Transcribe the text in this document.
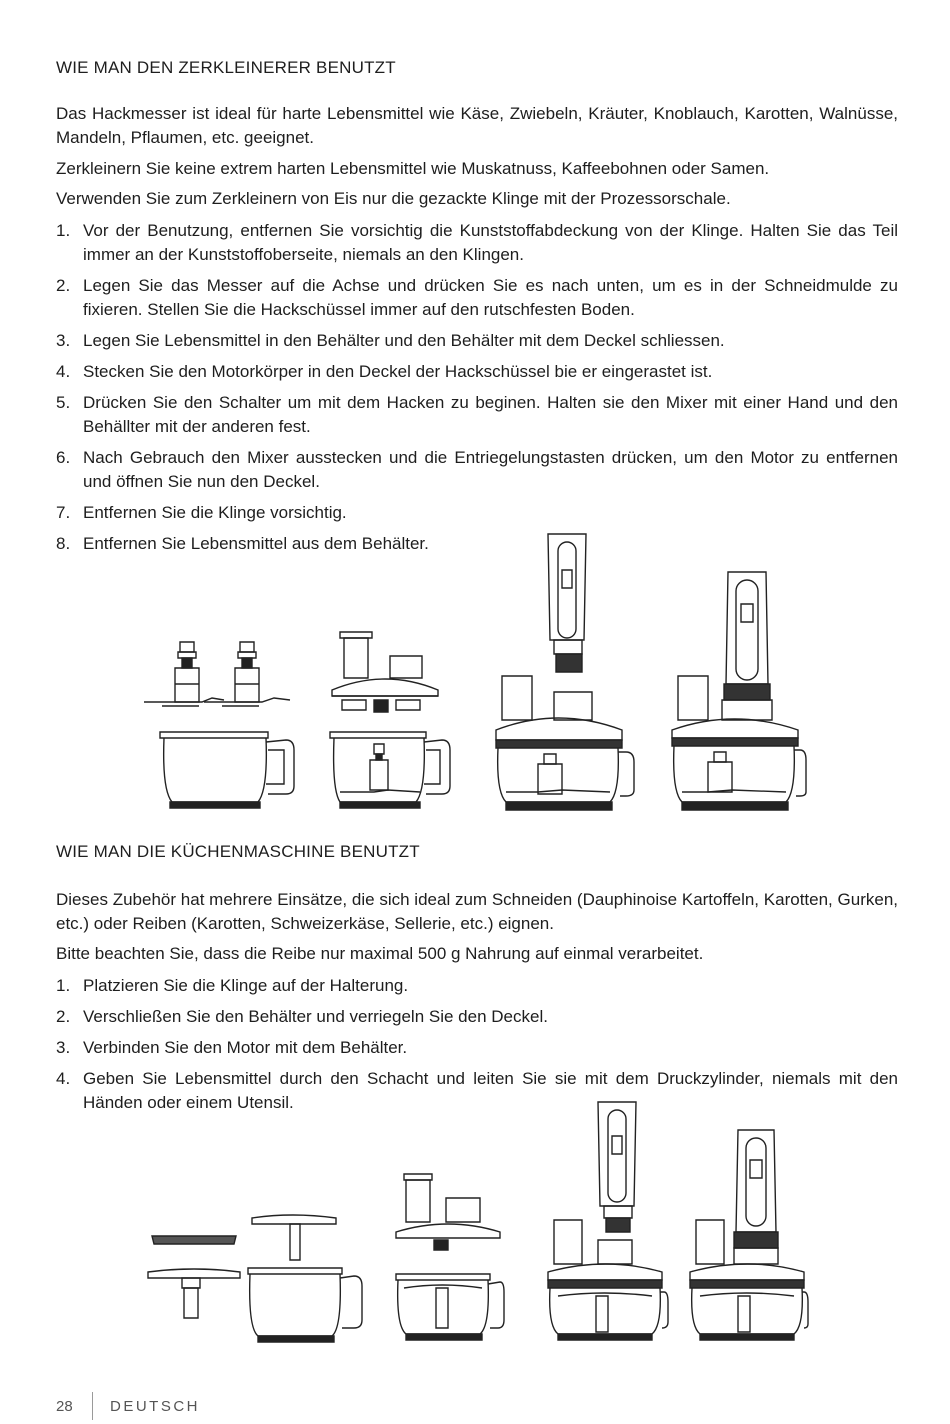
WIE MAN DEN ZERKLEINERER BENUTZT

Das Hackmesser ist ideal für harte Lebensmittel wie Käse, Zwiebeln, Kräuter, Knoblauch, Karotten, Walnüsse, Mandeln, Pflaumen, etc. geeignet.

Zerkleinern Sie keine extrem harten Lebensmittel wie Muskatnuss, Kaffeebohnen oder Samen.

Verwenden Sie zum Zerkleinern von Eis nur die gezackte Klinge mit der Prozessorschale.

1. Vor der Benutzung, entfernen Sie vorsichtig die Kunststoffabdeckung von der Klinge. Halten Sie das Teil immer an der Kunststoffoberseite, niemals an den Klingen.
2. Legen Sie das Messer auf die Achse und drücken Sie es nach unten, um es in der Schneidmulde zu fixieren. Stellen Sie die Hackschüssel immer auf den rutschfesten Boden.
3. Legen Sie Lebensmittel in den Behälter und den Behälter mit dem Deckel schliessen.
4. Stecken Sie den Motorkörper in den Deckel der Hackschüssel bie er eingerastet ist.
5. Drücken Sie den Schalter um mit dem Hacken zu beginen. Halten sie den Mixer mit einer Hand und den Behällter mit der anderen fest.
6. Nach Gebrauch den Mixer ausstecken und die Entriegelungstasten drücken, um den Motor zu entfernen und öffnen Sie nun den Deckel.
7. Entfernen Sie die Klinge vorsichtig.
8. Entfernen Sie Lebensmittel aus dem Behälter.
WIE MAN DIE KÜCHENMASCHINE BENUTZT

Dieses Zubehör hat mehrere Einsätze, die sich ideal zum Schneiden (Dauphinoise Kartoffeln, Karotten, Gurken, etc.) oder Reiben (Karotten, Schweizerkäse, Sellerie, etc.) eignen.

Bitte beachten Sie, dass die Reibe nur maximal 500 g Nahrung auf einmal verarbeitet.

1. Platzieren Sie die Klinge auf der Halterung.
2. Verschließen Sie den Behälter und verriegeln Sie den Deckel.
3. Verbinden Sie den Motor mit dem Behälter.
4. Geben Sie Lebensmittel durch den Schacht und leiten Sie sie mit dem Druckzylinder, niemals mit den Händen oder einem Utensil.
28 DEUTSCH
